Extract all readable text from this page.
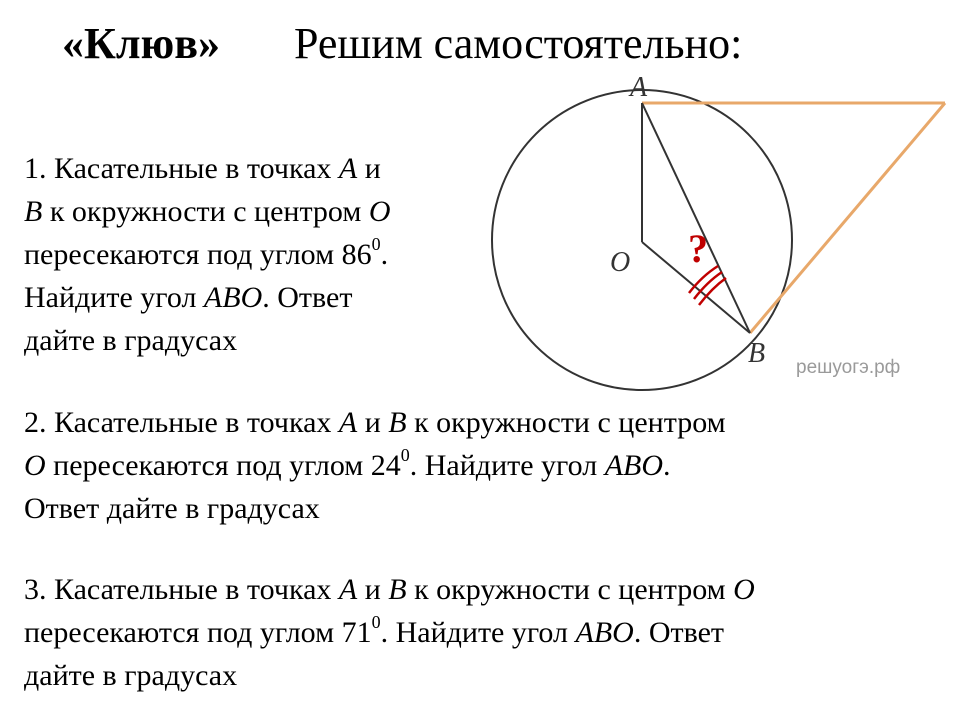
«Клюв» Решим самостоятельно:
?
A
O
B решуогэ.рф
1. Касательные в точках A и
B к окружности с центром O
пересекаются под углом $86^0$.
Найдите угол ABO. Ответ
дайте в градусах
2. Касательные в точках A и B к окружности с центром
O пересекаются под углом $24^0$. Найдите угол ABO.
Ответ дайте в градусах
3. Касательные в точках A и B к окружности с центром O
пересекаются под углом $71^0$. Найдите угол ABO. Ответ
дайте в градусах
